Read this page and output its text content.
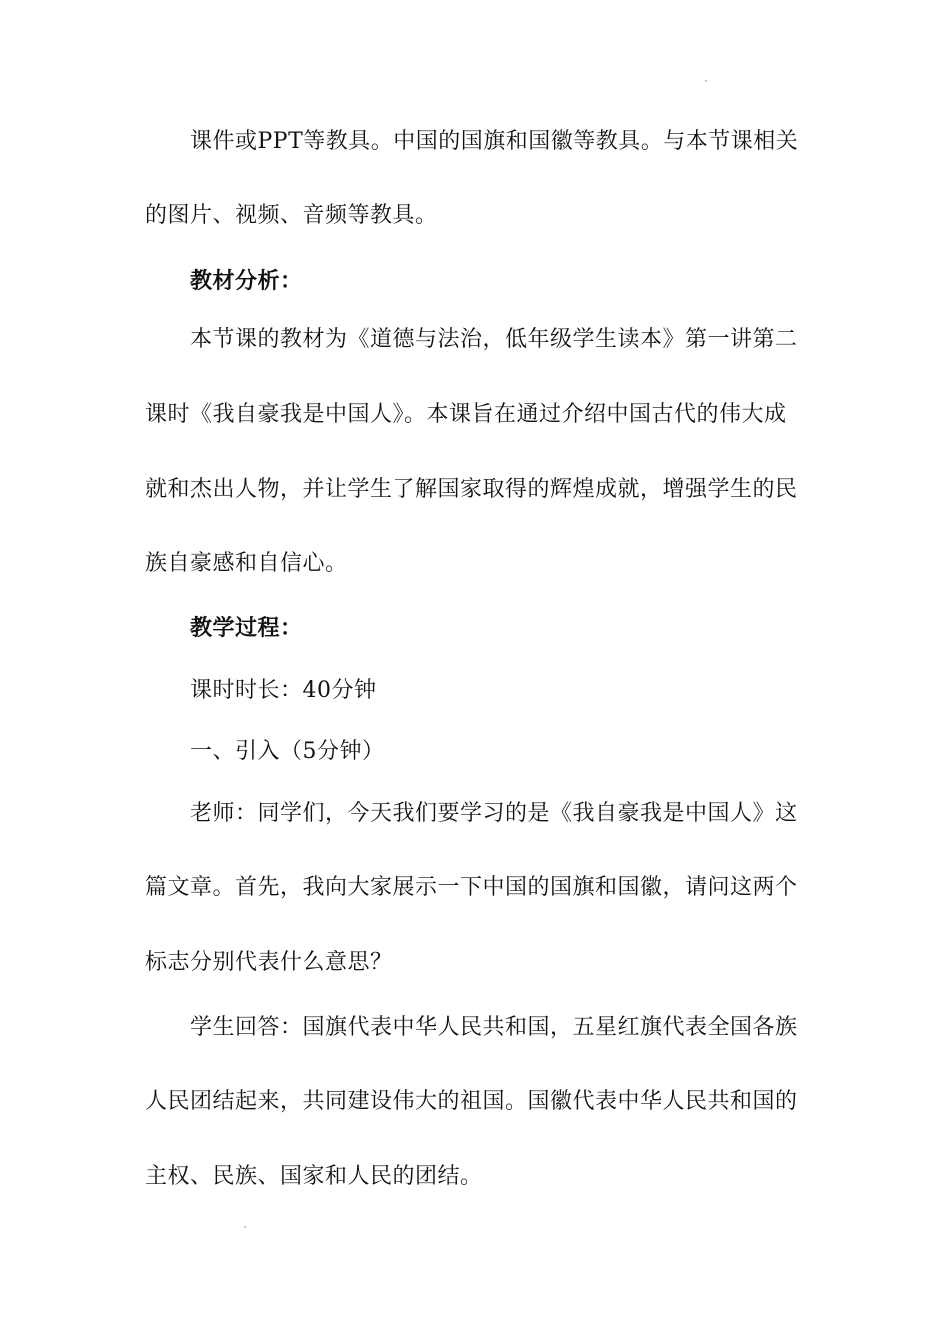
课件或PPT等教具。中国的国旗和国徽等教具。与本节课相关
的图片、视频、音频等教具。
教材分析：
本节课的教材为《道德与法治，低年级学生读本》第一讲第二
课时《我自豪我是中国人》。本课旨在通过介绍中国古代的伟大成
就和杰出人物，并让学生了解国家取得的辉煌成就，增强学生的民
族自豪感和自信心。
教学过程：
课时时长：40分钟
一、引入（5分钟）
老师：同学们，今天我们要学习的是《我自豪我是中国人》这
篇文章。首先，我向大家展示一下中国的国旗和国徽，请问这两个
标志分别代表什么意思？
学生回答：国旗代表中华人民共和国，五星红旗代表全国各族
人民团结起来，共同建设伟大的祖国。国徽代表中华人民共和国的
主权、民族、国家和人民的团结。
